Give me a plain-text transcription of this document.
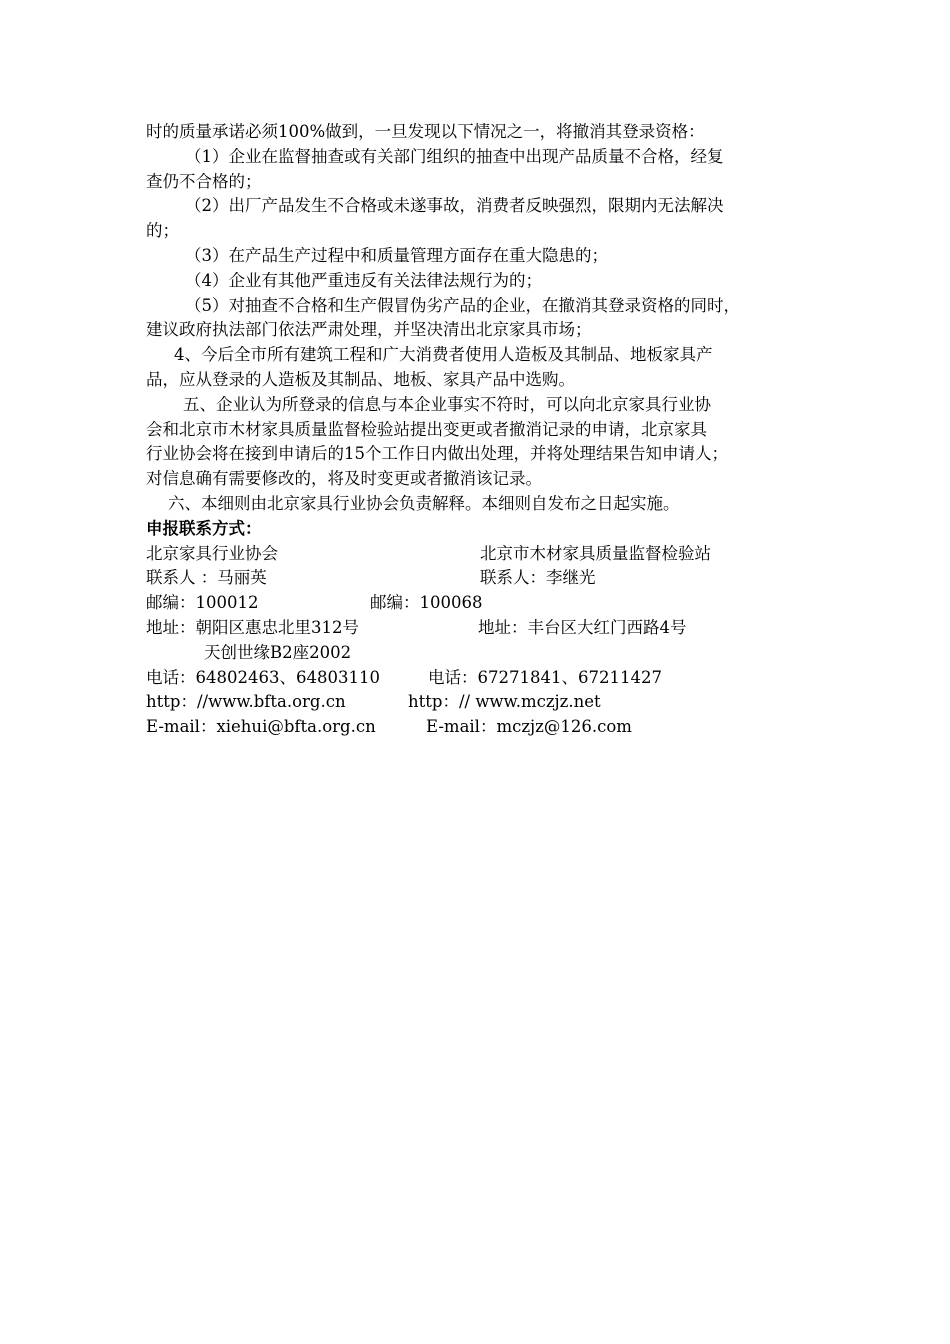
时的质量承诺必须100%做到，一旦发现以下情况之一，将撤消其登录资格：
（1）企业在监督抽查或有关部门组织的抽查中出现产品质量不合格，经复
查仍不合格的；
（2）出厂产品发生不合格或未遂事故，消费者反映强烈，限期内无法解决
的；
（3）在产品生产过程中和质量管理方面存在重大隐患的；
（4）企业有其他严重违反有关法律法规行为的；
（5）对抽查不合格和生产假冒伪劣产品的企业，在撤消其登录资格的同时，
建议政府执法部门依法严肃处理，并坚决清出北京家具市场；
4、今后全市所有建筑工程和广大消费者使用人造板及其制品、地板家具产
品，应从登录的人造板及其制品、地板、家具产品中选购。
五、企业认为所登录的信息与本企业事实不符时，可以向北京家具行业协
会和北京市木材家具质量监督检验站提出变更或者撤消记录的申请，北京家具
行业协会将在接到申请后的15个工作日内做出处理，并将处理结果告知申请人；
对信息确有需要修改的，将及时变更或者撤消该记录。
六、本细则由北京家具行业协会负责解释。本细则自发布之日起实施。
申报联系方式：
北京家具行业协会	北京市木材家具质量监督检验站
联系人 ：马丽英	联系人：李继光
邮编：100012	邮编：100068
地址：朝阳区惠忠北里312号	地址：丰台区大红门西路4号
天创世缘B2座2002
电话：64802463、64803110	电话：67271841、67211427
http：//www.bfta.org.cn	http：// www.mczjz.net
E-mail：xiehui@bfta.org.cn	E-mail：mczjz@126.com
